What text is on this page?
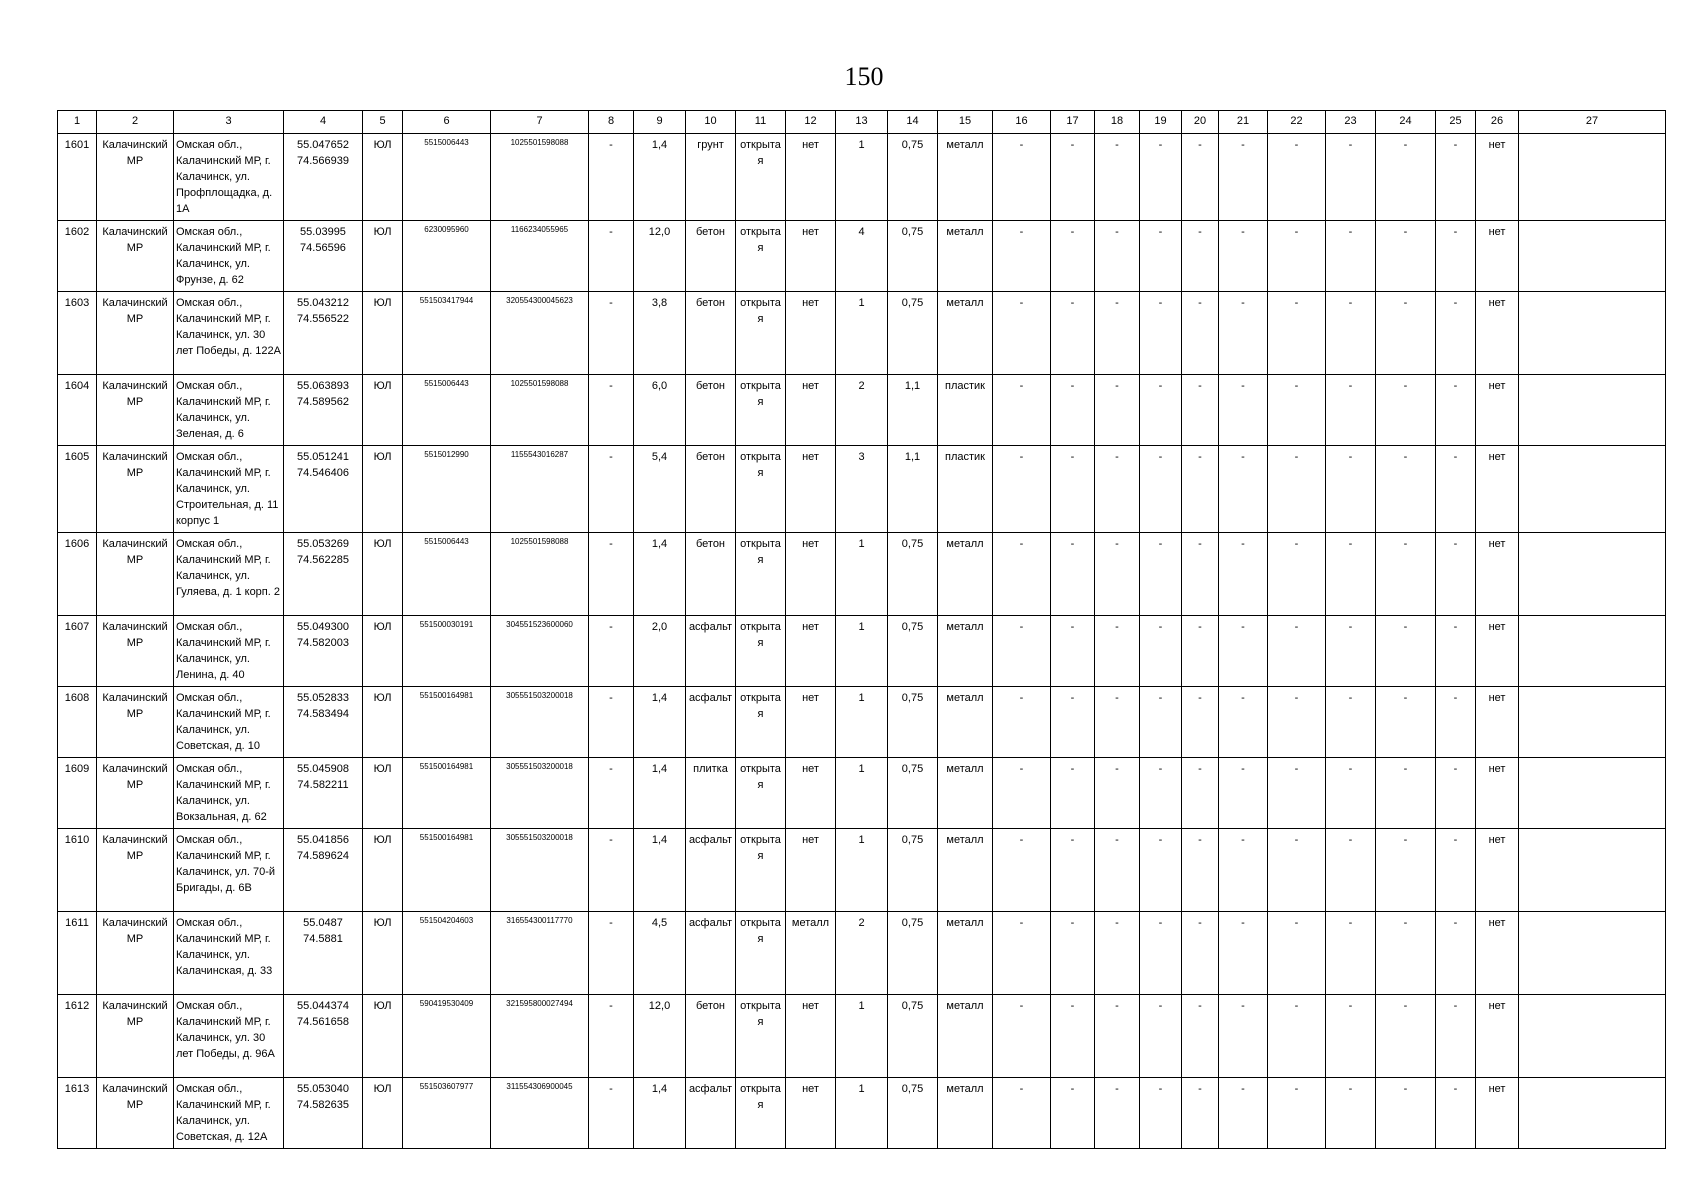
150
1	2	3	4	5	6	7	8	9	10	11	12	13	14	15	16	17	18	19	20	21	22	23	24	25	26	27
1601	Калачинский МР	Омская обл., Калачинский МР, г. Калачинск, ул. Профплощадка, д. 1А	55.047652 74.566939	ЮЛ	5515006443	1025501598088	-	1,4	грунт	открытая	нет	1	0,75	металл	-	-	-	-	-	-	-	-	-	-	нет	
1602	Калачинский МР	Омская обл., Калачинский МР, г. Калачинск, ул. Фрунзе, д. 62	55.03995 74.56596	ЮЛ	6230095960	1166234055965	-	12,0	бетон	открытая	нет	4	0,75	металл	-	-	-	-	-	-	-	-	-	-	нет	
1603	Калачинский МР	Омская обл., Калачинский МР, г. Калачинск, ул. 30 лет Победы, д. 122А	55.043212 74.556522	ЮЛ	551503417944	320554300045623	-	3,8	бетон	открытая	нет	1	0,75	металл	-	-	-	-	-	-	-	-	-	-	нет	
1604	Калачинский МР	Омская обл., Калачинский МР, г. Калачинск, ул. Зеленая, д. 6	55.063893 74.589562	ЮЛ	5515006443	1025501598088	-	6,0	бетон	открытая	нет	2	1,1	пластик	-	-	-	-	-	-	-	-	-	-	нет	
1605	Калачинский МР	Омская обл., Калачинский МР, г. Калачинск, ул. Строительная, д. 11 корпус 1	55.051241 74.546406	ЮЛ	5515012990	1155543016287	-	5,4	бетон	открытая	нет	3	1,1	пластик	-	-	-	-	-	-	-	-	-	-	нет	
1606	Калачинский МР	Омская обл., Калачинский МР, г. Калачинск, ул. Гуляева, д. 1 корп. 2	55.053269 74.562285	ЮЛ	5515006443	1025501598088	-	1,4	бетон	открытая	нет	1	0,75	металл	-	-	-	-	-	-	-	-	-	-	нет	
1607	Калачинский МР	Омская обл., Калачинский МР, г. Калачинск, ул. Ленина, д. 40	55.049300 74.582003	ЮЛ	551500030191	304551523600060	-	2,0	асфальт	открытая	нет	1	0,75	металл	-	-	-	-	-	-	-	-	-	-	нет	
1608	Калачинский МР	Омская обл., Калачинский МР, г. Калачинск, ул. Советская, д. 10	55.052833 74.583494	ЮЛ	551500164981	305551503200018	-	1,4	асфальт	открытая	нет	1	0,75	металл	-	-	-	-	-	-	-	-	-	-	нет	
1609	Калачинский МР	Омская обл., Калачинский МР, г. Калачинск, ул. Вокзальная, д. 62	55.045908 74.582211	ЮЛ	551500164981	305551503200018	-	1,4	плитка	открытая	нет	1	0,75	металл	-	-	-	-	-	-	-	-	-	-	нет	
1610	Калачинский МР	Омская обл., Калачинский МР, г. Калачинск, ул. 70-й Бригады, д. 6В	55.041856 74.589624	ЮЛ	551500164981	305551503200018	-	1,4	асфальт	открытая	нет	1	0,75	металл	-	-	-	-	-	-	-	-	-	-	нет	
1611	Калачинский МР	Омская обл., Калачинский МР, г. Калачинск, ул. Калачинская, д. 33	55.0487 74.5881	ЮЛ	551504204603	316554300117770	-	4,5	асфальт	открытая	металл	2	0,75	металл	-	-	-	-	-	-	-	-	-	-	нет	
1612	Калачинский МР	Омская обл., Калачинский МР, г. Калачинск, ул. 30 лет Победы, д. 96А	55.044374 74.561658	ЮЛ	590419530409	321595800027494	-	12,0	бетон	открытая	нет	1	0,75	металл	-	-	-	-	-	-	-	-	-	-	нет	
1613	Калачинский МР	Омская обл., Калачинский МР, г. Калачинск, ул. Советская, д. 12А	55.053040 74.582635	ЮЛ	551503607977	311554306900045	-	1,4	асфальт	открытая	нет	1	0,75	металл	-	-	-	-	-	-	-	-	-	-	нет	
